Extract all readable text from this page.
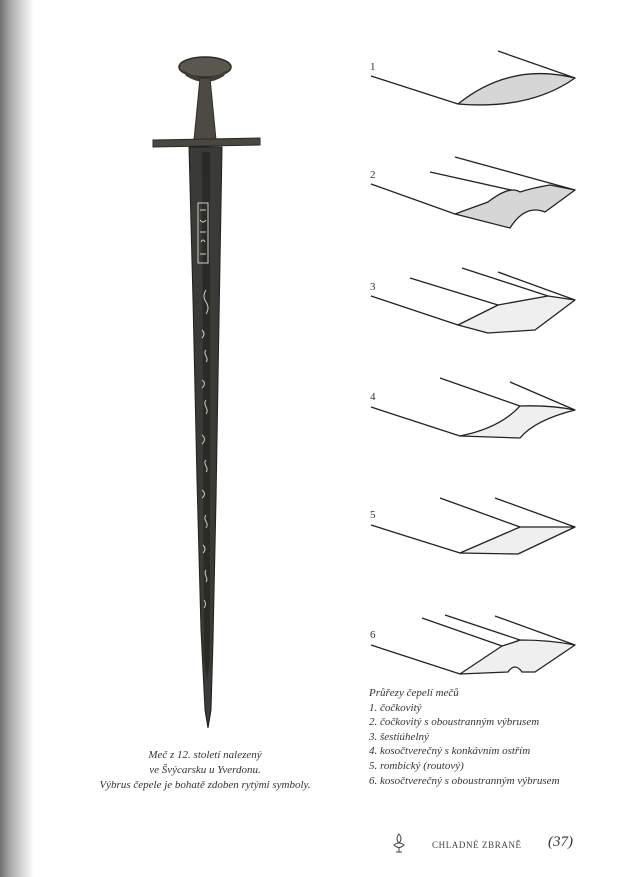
Meč z 12. století nalezený
ve Švýcarsku u Yverdonu.
Výbrus čepele je bohatě zdoben rytými symboly.
1
2
3
4
5
6
Průřezy čepelí mečů
1. čočkovitý
2. čočkovitý s oboustranným výbrusem
3. šestiúhelný
4. kosočtverečný s konkávním ostřím
5. rombický (routový)
6. kosočtverečný s oboustranným výbrusem
CHLADNÉ ZBRANĚ (37)
